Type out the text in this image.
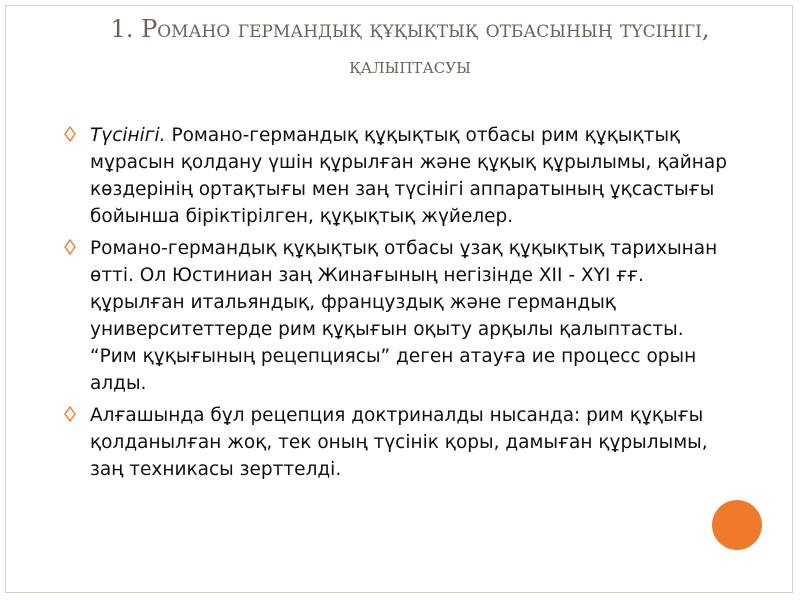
1. Романо германдық құқықтық отбасының түсінігі,
қалыптасуы
Түсінігі. Романо-германдық құқықтық отбасы рим құқықтық мұрасын қолдану үшін құрылған және құқық құрылымы, қайнар көздерінің ортақтығы мен заң түсінігі аппаратының ұқсастығы бойынша біріктірілген, құқықтық жүйелер.
Романо-германдық құқықтық отбасы ұзақ құқықтық тарихынан өтті. Ол Юстиниан заң Жинағының негізінде XII - XYI ғғ. құрылған итальяндық, француздық және германдық университеттерде рим құқығын оқыту арқылы қалыптасты. “Рим құқығының рецепциясы” деген атауға ие процесс орын алды.
Алғашында бұл рецепция доктриналды нысанда: рим құқығы қолданылған жоқ, тек оның түсінік қоры, дамыған құрылымы, заң техникасы зерттелді.
